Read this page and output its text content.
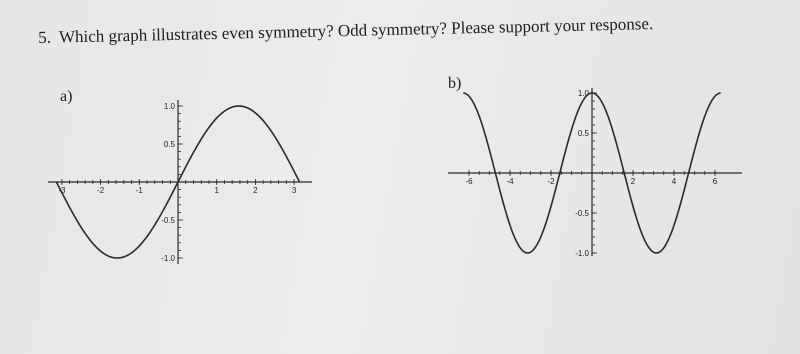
5. Which graph illustrates even symmetry? Odd symmetry? Please support your response.
a)
b)
-3	-2	-1	1	2	3
1.0
0.5
-0.5
-1.0
-6	-4	-2	2	4	6
1.0
0.5
-0.5
-1.0
